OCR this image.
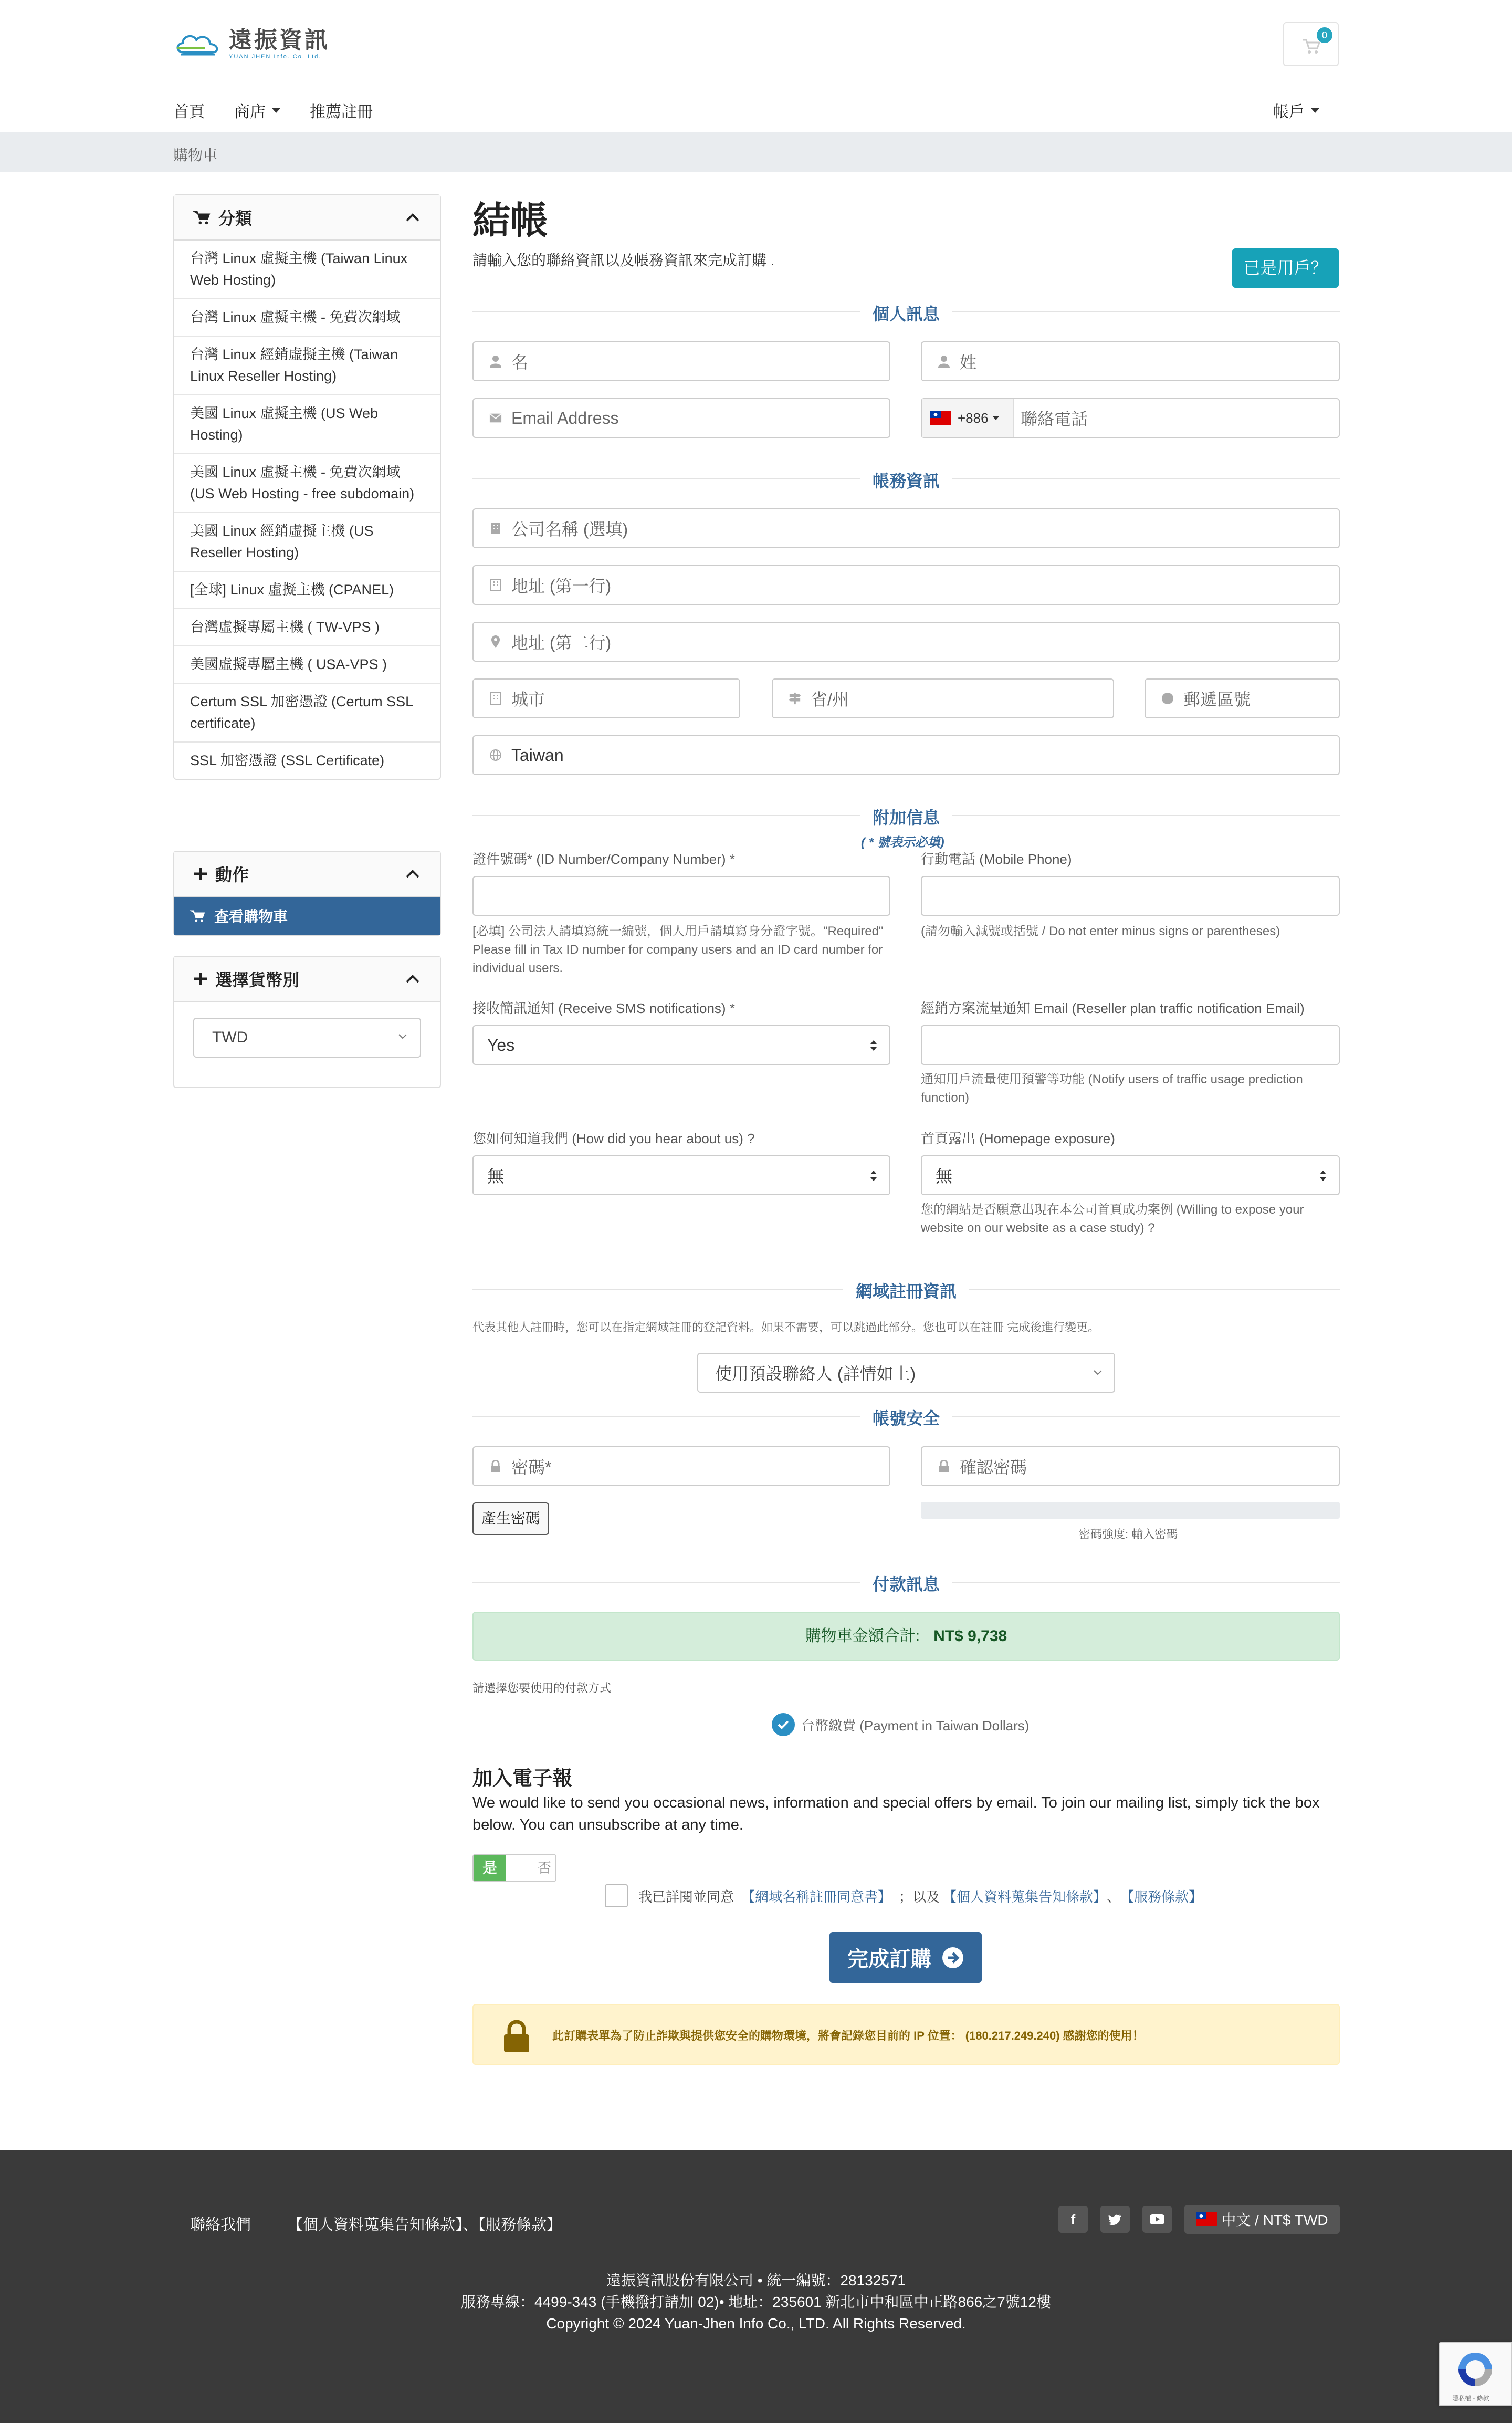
遠振資訊
YUAN JHEN Info. Co. Ltd.
0
首頁 商店	推薦註冊	帳戶
購物車
分類
台灣 Linux 虛擬主機 (Taiwan Linux Web Hosting)
台灣 Linux 虛擬主機 - 免費次網域
台灣 Linux 經銷虛擬主機 (Taiwan Linux Reseller Hosting)
美國 Linux 虛擬主機 (US Web Hosting)
美國 Linux 虛擬主機 - 免費次網域 (US Web Hosting - free subdomain)
美國 Linux 經銷虛擬主機 (US Reseller Hosting)
[全球] Linux 虛擬主機 (CPANEL)
台灣虛擬專屬主機 ( TW-VPS )
美國虛擬專屬主機 ( USA-VPS )
Certum SSL 加密憑證 (Certum SSL certificate)
SSL 加密憑證 (SSL Certificate)
動作
查看購物車
選擇貨幣別
TWD
結帳
請輸入您的聯絡資訊以及帳務資訊來完成訂購 .	已是用戶？
個人訊息
名	姓
Email Address	+886 聯絡電話
帳務資訊
公司名稱 (選填)
地址 (第一行)
地址 (第二行)
城市	省/州	郵遞區號
Taiwan
附加信息
( * 號表示必填)
證件號碼* (ID Number/Company Number) *
[必填] 公司法人請填寫統一編號，個人用戶請填寫身分證字號。"Required" Please fill in Tax ID number for company users and an ID card number for individual users.
行動電話 (Mobile Phone)
(請勿輸入減號或括號 / Do not enter minus signs or parentheses)
接收簡訊通知 (Receive SMS notifications) *
Yes
經銷方案流量通知 Email (Reseller plan traffic notification Email)
通知用戶流量使用預警等功能 (Notify users of traffic usage prediction function)
您如何知道我們 (How did you hear about us) ?
無
首頁露出 (Homepage exposure)
無
您的網站是否願意出現在本公司首頁成功案例 (Willing to expose your website on our website as a case study) ?
網域註冊資訊
代表其他人註冊時，您可以在指定網域註冊的登記資料。如果不需要，可以跳過此部分。您也可以在註冊 完成後進行變更。
使用預設聯絡人 (詳情如上)
帳號安全
密碼*	確認密碼
產生密碼
密碼強度: 輸入密碼
付款訊息
購物車金額合計: NT$ 9,738
請選擇您要使用的付款方式
台幣繳費 (Payment in Taiwan Dollars)
加入電子報
We would like to send you occasional news, information and special offers by email. To join our mailing list, simply tick the box below. You can unsubscribe at any time.
是	否
我已詳閱並同意 【網域名稱註冊同意書】 ；以及 【個人資料蒐集告知條款】 、 【服務條款】
完成訂購
此訂購表單為了防止詐欺與提供您安全的購物環境，將會記錄您目前的 IP 位置： (180.217.249.240) 感謝您的使用！
聯絡我們 【個人資料蒐集告知條款】、【服務條款】	f	中文 / NT$ TWD
遠振資訊股份有限公司 • 統一編號：28132571
服務專線：4499-343 (手機撥打請加 02)• 地址：235601 新北市中和區中正路866之7號12樓
Copyright © 2024 Yuan-Jhen Info Co., LTD. All Rights Reserved.
隱私權 - 條款
